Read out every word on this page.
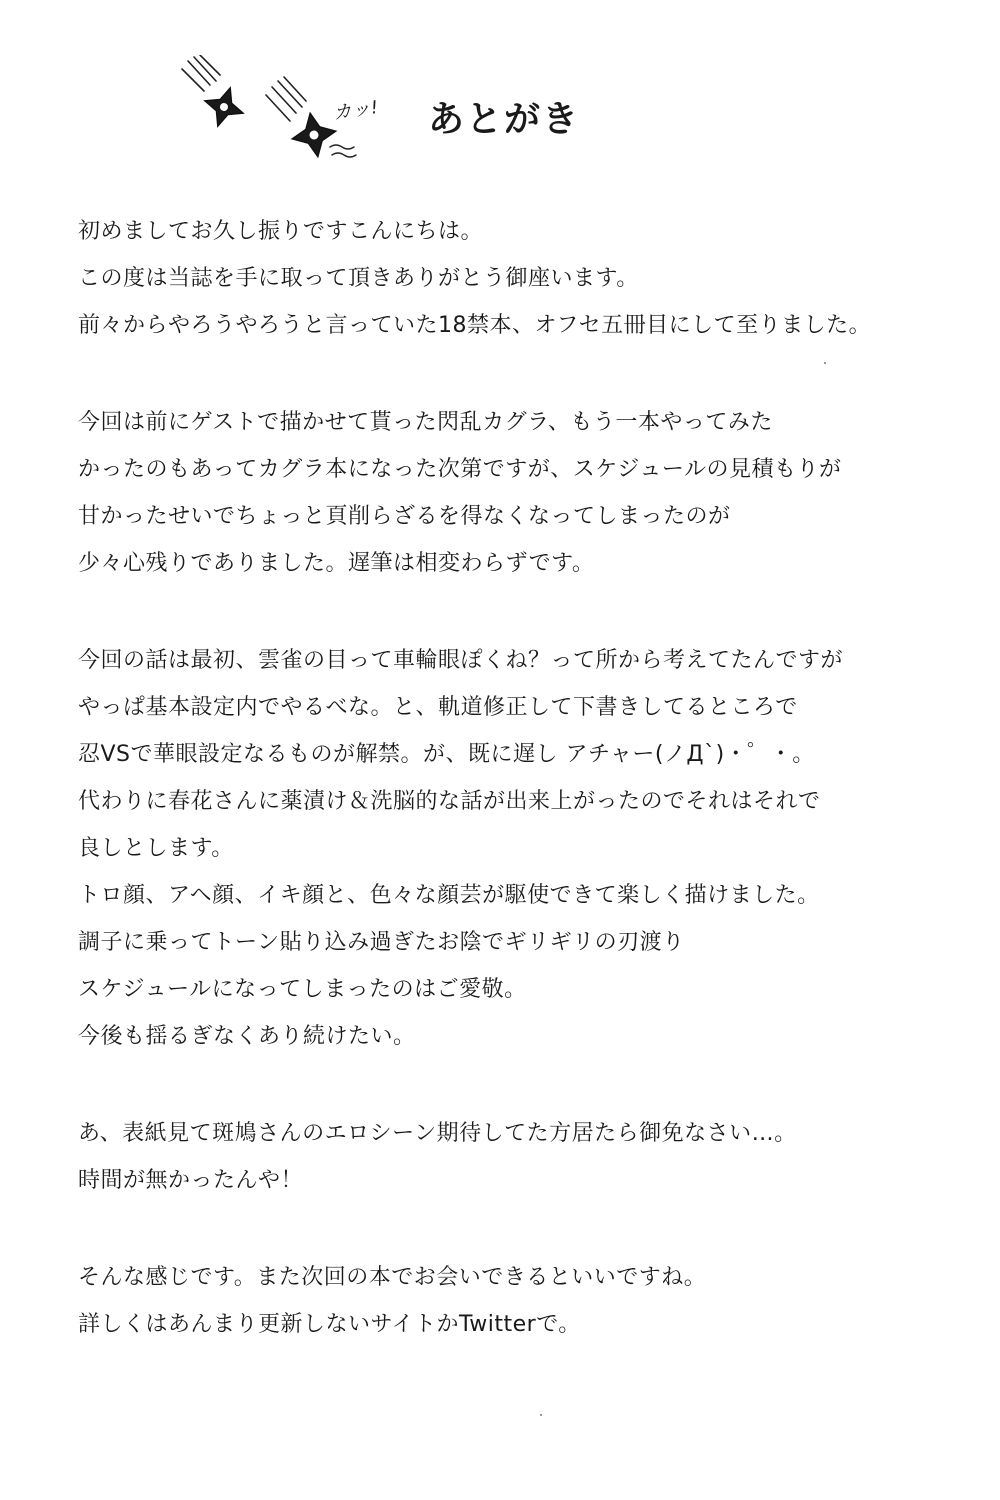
カッ! あとがき

初めましてお久し振りですこんにちは。
この度は当誌を手に取って頂きありがとう御座います。
前々からやろうやろうと言っていた18禁本、オフセ五冊目にして至りました。

今回は前にゲストで描かせて貰った閃乱カグラ、もう一本やってみた
かったのもあってカグラ本になった次第ですが、スケジュールの見積もりが
甘かったせいでちょっと頁削らざるを得なくなってしまったのが
少々心残りでありました。遅筆は相変わらずです。

今回の話は最初、雲雀の目って車輪眼ぽくね？って所から考えてたんですが
やっぱ基本設定内でやるべな。と、軌道修正して下書きしてるところで
忍VSで華眼設定なるものが解禁。が、既に遅し アチャー(ノД`)・゜・。
代わりに春花さんに薬漬け＆洗脳的な話が出来上がったのでそれはそれで
良しとします。
トロ顔、アヘ顔、イキ顔と、色々な顔芸が駆使できて楽しく描けました。
調子に乗ってトーン貼り込み過ぎたお陰でギリギリの刃渡り
スケジュールになってしまったのはご愛敬。
今後も揺るぎなくあり続けたい。

あ、表紙見て斑鳩さんのエロシーン期待してた方居たら御免なさい…。
時間が無かったんや！

そんな感じです。また次回の本でお会いできるといいですね。
詳しくはあんまり更新しないサイトかTwitterで。
